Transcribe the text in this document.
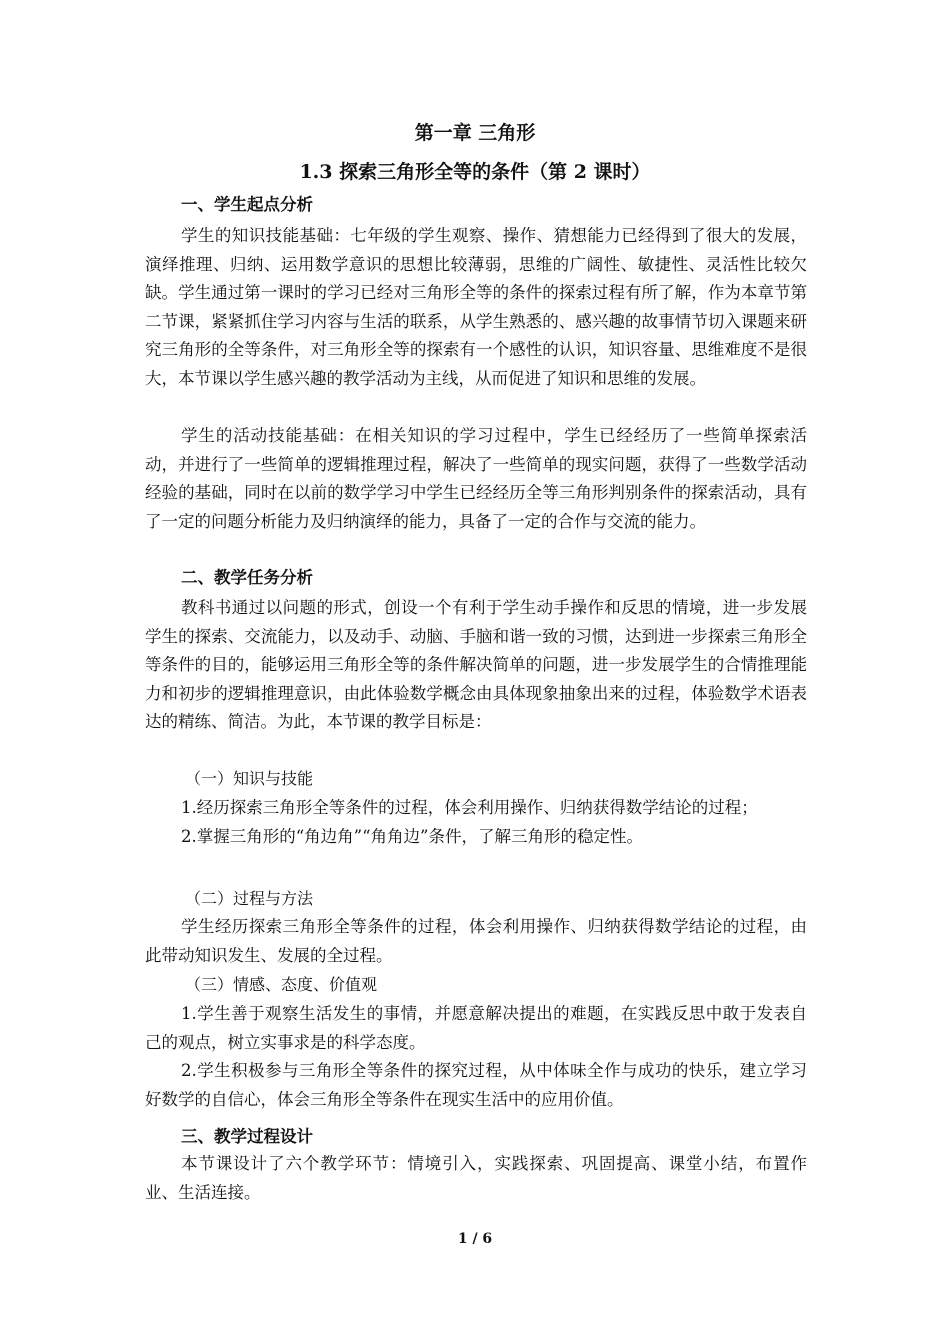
第一章 三角形
1.3 探索三角形全等的条件（第 2 课时）

一、学生起点分析

学生的知识技能基础：七年级的学生观察、操作、猜想能力已经得到了很大的发展，演绎推理、归纳、运用数学意识的思想比较薄弱，思维的广阔性、敏捷性、灵活性比较欠缺。学生通过第一课时的学习已经对三角形全等的条件的探索过程有所了解，作为本章节第二节课，紧紧抓住学习内容与生活的联系，从学生熟悉的、感兴趣的故事情节切入课题来研究三角形的全等条件，对三角形全等的探索有一个感性的认识，知识容量、思维难度不是很大，本节课以学生感兴趣的教学活动为主线，从而促进了知识和思维的发展。

学生的活动技能基础：在相关知识的学习过程中，学生已经经历了一些简单探索活动，并进行了一些简单的逻辑推理过程，解决了一些简单的现实问题，获得了一些数学活动经验的基础，同时在以前的数学学习中学生已经经历全等三角形判别条件的探索活动，具有了一定的问题分析能力及归纳演绎的能力，具备了一定的合作与交流的能力。

二、教学任务分析

教科书通过以问题的形式，创设一个有利于学生动手操作和反思的情境，进一步发展学生的探索、交流能力，以及动手、动脑、手脑和谐一致的习惯，达到进一步探索三角形全等条件的目的，能够运用三角形全等的条件解决简单的问题，进一步发展学生的合情推理能力和初步的逻辑推理意识，由此体验数学概念由具体现象抽象出来的过程，体验数学术语表达的精练、简洁。为此，本节课的教学目标是：

（一）知识与技能

1.经历探索三角形全等条件的过程，体会利用操作、归纳获得数学结论的过程；

2.掌握三角形的“角边角”“角角边”条件，了解三角形的稳定性。

（二）过程与方法

学生经历探索三角形全等条件的过程，体会利用操作、归纳获得数学结论的过程，由此带动知识发生、发展的全过程。

（三）情感、态度、价值观

1.学生善于观察生活发生的事情，并愿意解决提出的难题，在实践反思中敢于发表自己的观点，树立实事求是的科学态度。

2.学生积极参与三角形全等条件的探究过程，从中体味全作与成功的快乐，建立学习好数学的自信心，体会三角形全等条件在现实生活中的应用价值。

三、教学过程设计

本节课设计了六个教学环节：情境引入，实践探索、巩固提高、课堂小结，布置作业、生活连接。

1 / 6
